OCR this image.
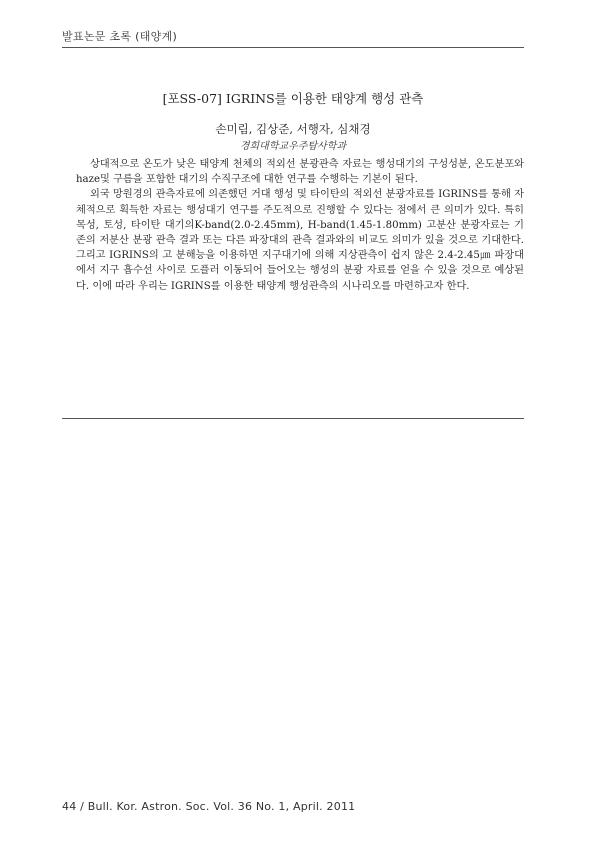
발표논문 초록 (태양계)
[포SS-07] IGRINS를 이용한 태양계 행성 관측
손미림, 김상준, 서행자, 심채경
경희대학교우주탐사학과

상대적으로 온도가 낮은 태양계 천체의 적외선 분광관측 자료는 행성대기의 구성성분, 온도분포와 haze및 구름을 포함한 대기의 수직구조에 대한 연구를 수행하는 기본이 된다.

외국 망원경의 관측자료에 의존했던 거대 행성 및 타이탄의 적외선 분광자료를 IGRINS를 통해 자체적으로 획득한 자료는 행성대기 연구를 주도적으로 진행할 수 있다는 점에서 큰 의미가 있다. 특히 목성, 토성, 타이탄 대기의K-band(2.0-2.45mm), H-band(1.45-1.80mm) 고분산 분광자료는 기존의 저분산 분광 관측 결과 또는 다른 파장대의 관측 결과와의 비교도 의미가 있을 것으로 기대한다. 그리고 IGRINS의 고 분해능을 이용하면 지구대기에 의해 지상관측이 쉽지 않은 2.4-2.45㎛ 파장대에서 지구 흡수선 사이로 도플러 이동되어 들어오는 행성의 분광 자료를 얻을 수 있을 것으로 예상된다. 이에 따라 우리는 IGRINS를 이용한 태양계 행성관측의 시나리오를 마련하고자 한다.

44 / Bull. Kor. Astron. Soc. Vol. 36 No. 1, April. 2011
